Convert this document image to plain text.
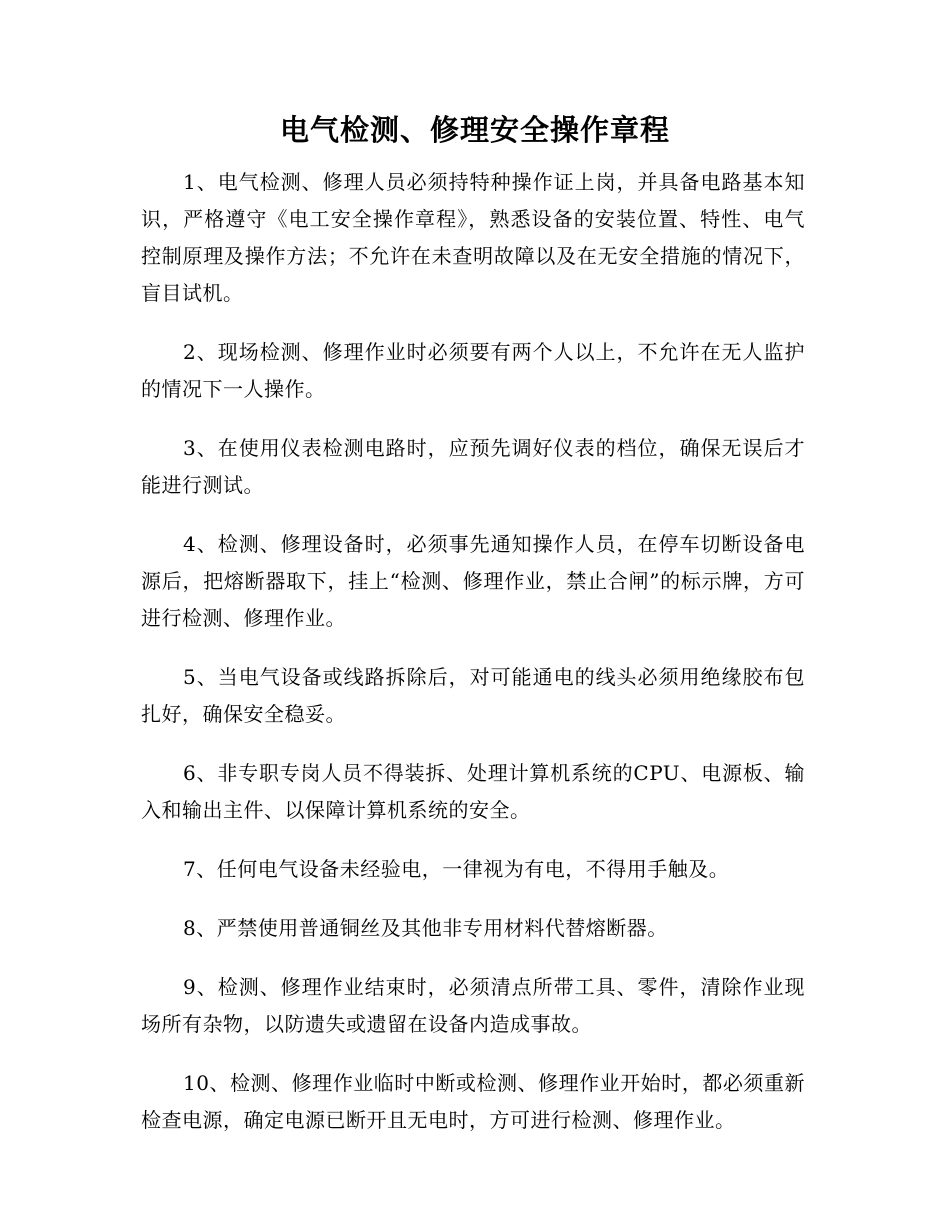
电气检测、修理安全操作章程

1、电气检测、修理人员必须持特种操作证上岗，并具备电路基本知识，严格遵守《电工安全操作章程》，熟悉设备的安装位置、特性、电气控制原理及操作方法；不允许在未查明故障以及在无安全措施的情况下，盲目试机。

2、现场检测、修理作业时必须要有两个人以上，不允许在无人监护的情况下一人操作。

3、在使用仪表检测电路时，应预先调好仪表的档位，确保无误后才能进行测试。

4、检测、修理设备时，必须事先通知操作人员，在停车切断设备电源后，把熔断器取下，挂上“检测、修理作业，禁止合闸”的标示牌，方可进行检测、修理作业。

5、当电气设备或线路拆除后，对可能通电的线头必须用绝缘胶布包扎好，确保安全稳妥。

6、非专职专岗人员不得装拆、处理计算机系统的CPU、电源板、输入和输出主件、以保障计算机系统的安全。

7、任何电气设备未经验电，一律视为有电，不得用手触及。

8、严禁使用普通铜丝及其他非专用材料代替熔断器。

9、检测、修理作业结束时，必须清点所带工具、零件，清除作业现场所有杂物，以防遗失或遗留在设备内造成事故。

10、检测、修理作业临时中断或检测、修理作业开始时，都必须重新检查电源，确定电源已断开且无电时，方可进行检测、修理作业。
